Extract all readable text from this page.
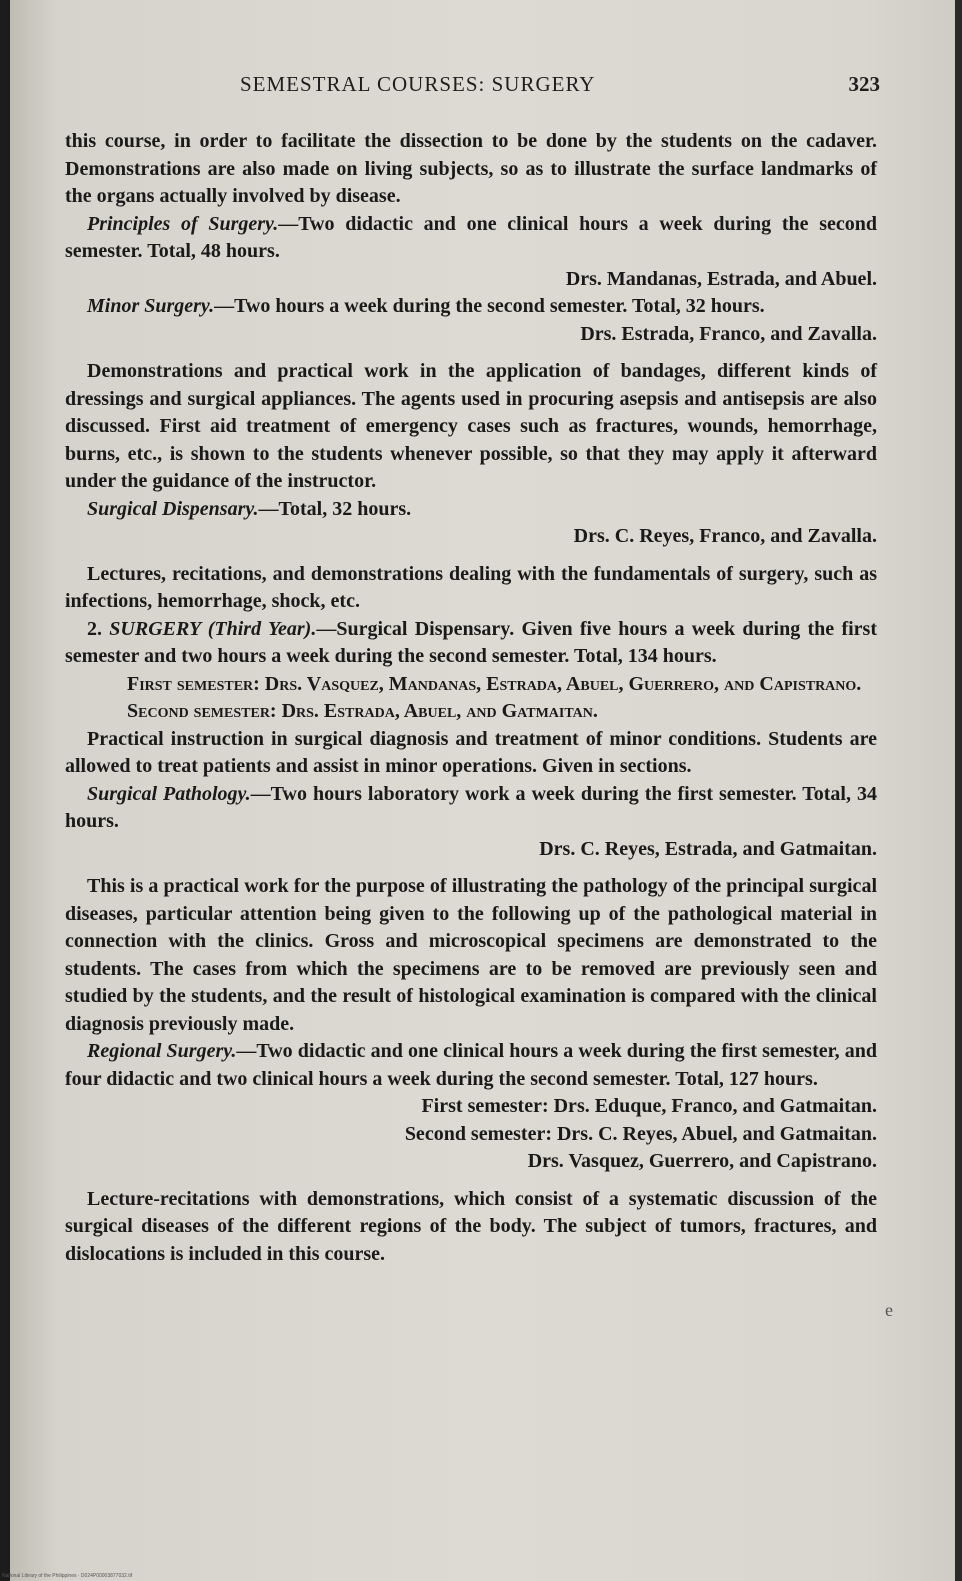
SEMESTRAL COURSES: SURGERY	323

this course, in order to facilitate the dissection to be done by the students on the cadaver. Demonstrations are also made on living subjects, so as to illustrate the surface landmarks of the organs actually involved by disease.

Principles of Surgery.—Two didactic and one clinical hours a week during the second semester. Total, 48 hours.

Drs. Mandanas, Estrada, and Abuel.

Minor Surgery.—Two hours a week during the second semester. Total, 32 hours.

Drs. Estrada, Franco, and Zavalla.

Demonstrations and practical work in the application of bandages, different kinds of dressings and surgical appliances. The agents used in procuring asepsis and antisepsis are also discussed. First aid treatment of emergency cases such as fractures, wounds, hemorrhage, burns, etc., is shown to the students whenever possible, so that they may apply it afterward under the guidance of the instructor.

Surgical Dispensary.—Total, 32 hours.

Drs. C. Reyes, Franco, and Zavalla.

Lectures, recitations, and demonstrations dealing with the fundamentals of surgery, such as infections, hemorrhage, shock, etc.

2. SURGERY (Third Year).—Surgical Dispensary. Given five hours a week during the first semester and two hours a week during the second semester. Total, 134 hours.

First semester: Drs. Vasquez, Mandanas, Estrada, Abuel, Guerrero, and Capistrano.

Second semester: Drs. Estrada, Abuel, and Gatmaitan.

Practical instruction in surgical diagnosis and treatment of minor conditions. Students are allowed to treat patients and assist in minor operations. Given in sections.

Surgical Pathology.—Two hours laboratory work a week during the first semester. Total, 34 hours.

Drs. C. Reyes, Estrada, and Gatmaitan.

This is a practical work for the purpose of illustrating the pathology of the principal surgical diseases, particular attention being given to the following up of the pathological material in connection with the clinics. Gross and microscopical specimens are demonstrated to the students. The cases from which the specimens are to be removed are previously seen and studied by the students, and the result of histological examination is compared with the clinical diagnosis previously made.

Regional Surgery.—Two didactic and one clinical hours a week during the first semester, and four didactic and two clinical hours a week during the second semester. Total, 127 hours.

First semester: Drs. Eduque, Franco, and Gatmaitan.

Second semester: Drs. C. Reyes, Abuel, and Gatmaitan.

Drs. Vasquez, Guerrero, and Capistrano.

Lecture-recitations with demonstrations, which consist of a systematic discussion of the surgical diseases of the different regions of the body. The subject of tumors, fractures, and dislocations is included in this course.

e
National Library of the Philippines · D024P00003877032.tif
